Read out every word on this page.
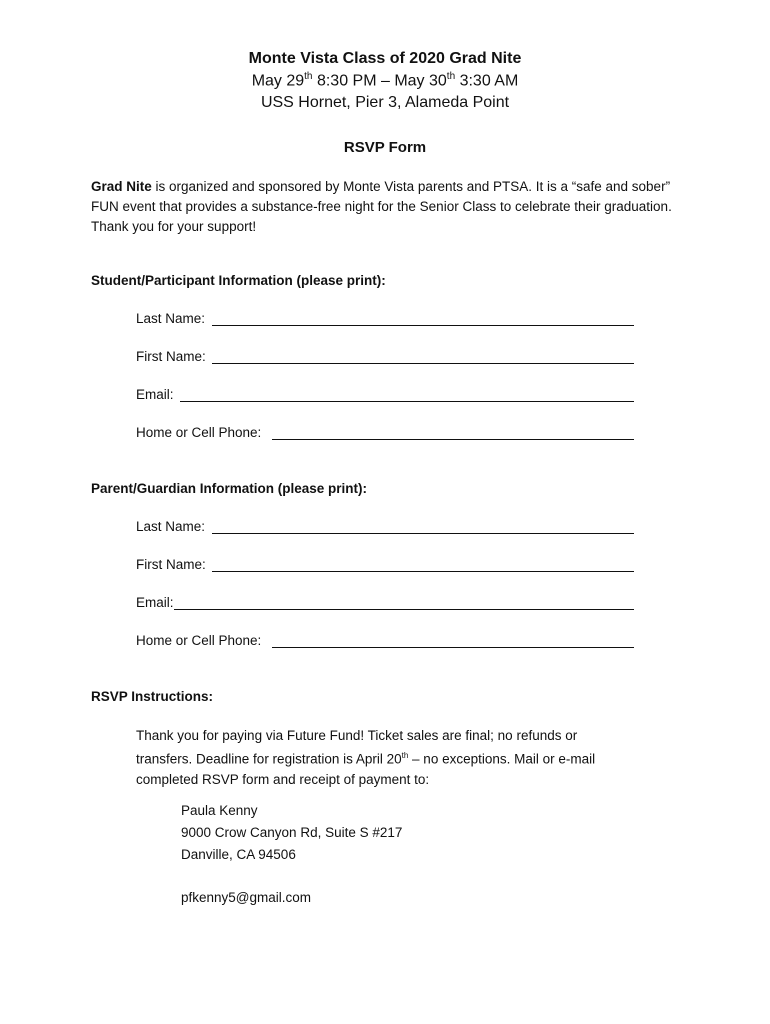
Monte Vista Class of 2020 Grad Nite
May 29th 8:30 PM – May 30th 3:30 AM
USS Hornet, Pier 3, Alameda Point
RSVP Form
Grad Nite is organized and sponsored by Monte Vista parents and PTSA. It is a “safe and sober” FUN event that provides a substance-free night for the Senior Class to celebrate their graduation. Thank you for your support!
Student/Participant Information (please print):
Last Name:
First Name:
Email:
Home or Cell Phone:
Parent/Guardian Information (please print):
Last Name:
First Name:
Email:
Home or Cell Phone:
RSVP Instructions:
Thank you for paying via Future Fund! Ticket sales are final; no refunds or transfers. Deadline for registration is April 20th – no exceptions. Mail or e-mail completed RSVP form and receipt of payment to:
Paula Kenny
9000 Crow Canyon Rd, Suite S #217
Danville, CA 94506
pfkenny5@gmail.com
